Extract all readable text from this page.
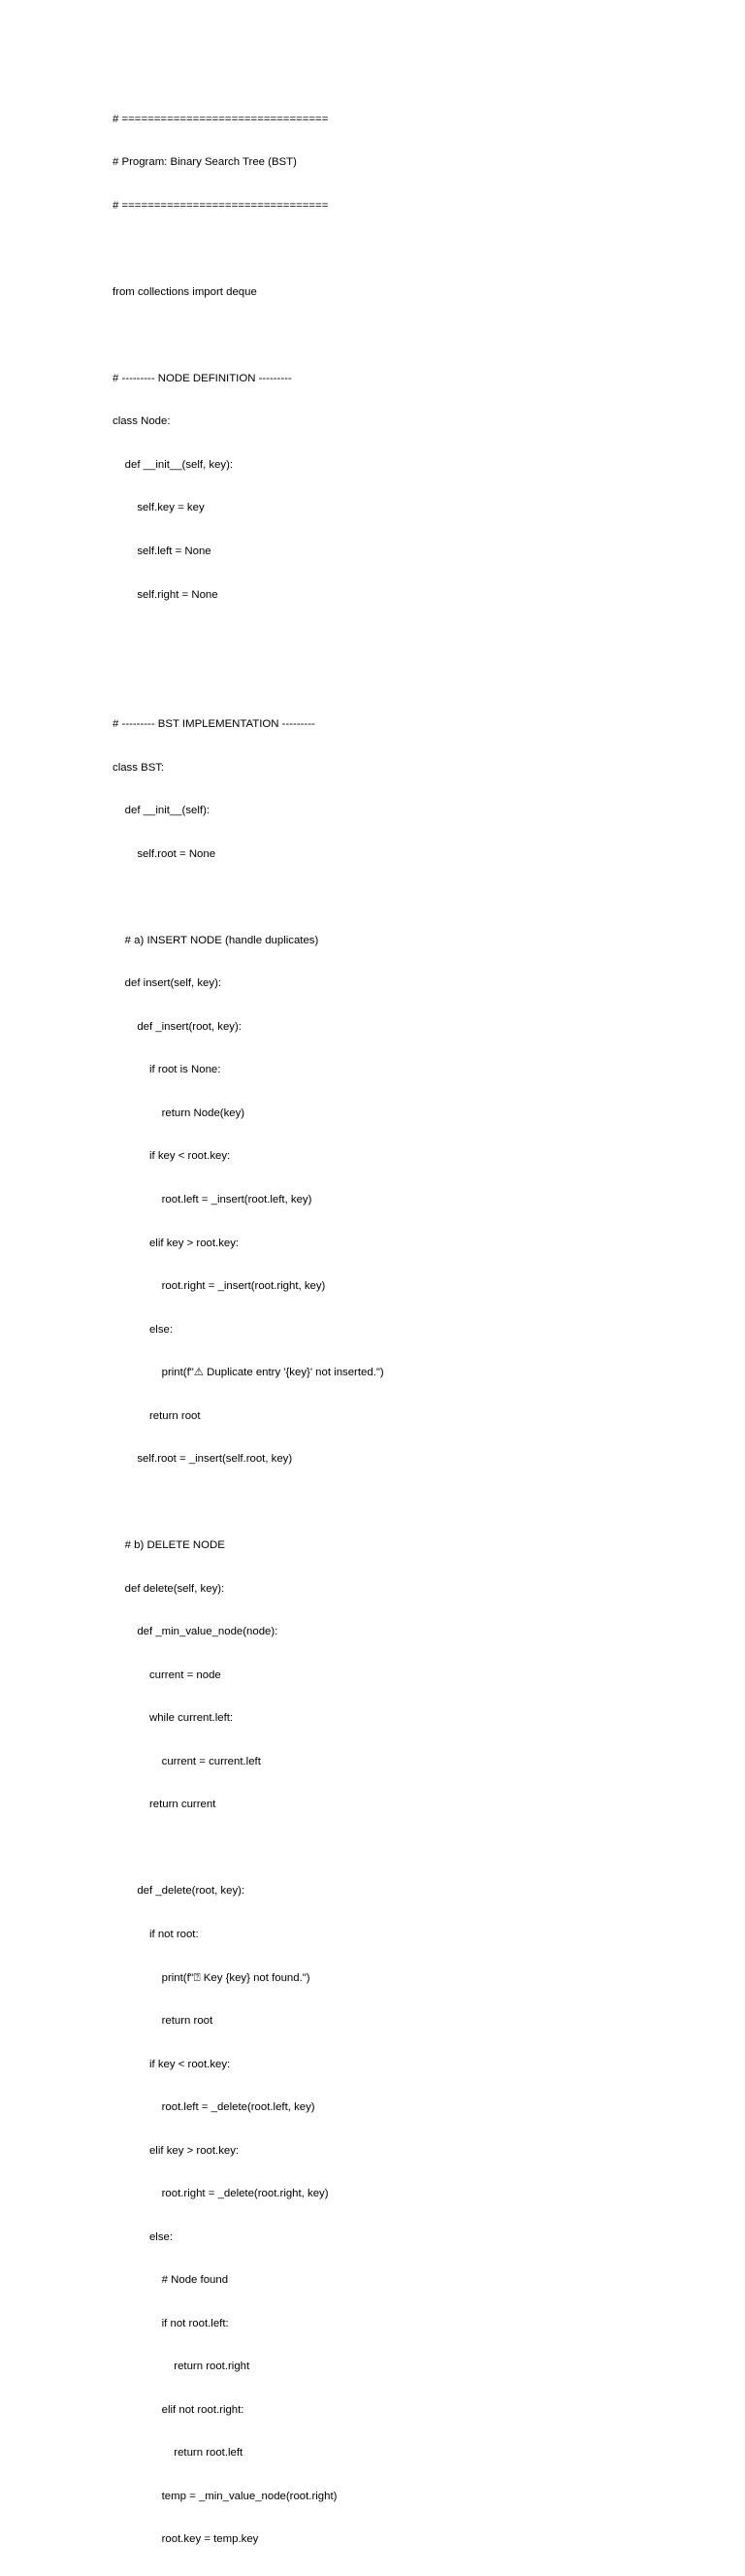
# ================================

# Program: Binary Search Tree (BST)

# ================================

from collections import deque

# --------- NODE DEFINITION ---------

class Node:

def __init__(self, key):

self.key = key

self.left = None

self.right = None

# --------- BST IMPLEMENTATION ---------

class BST:

def __init__(self):

self.root = None

# a) INSERT NODE (handle duplicates)

def insert(self, key):

def _insert(root, key):

if root is None:

return Node(key)

if key < root.key:

root.left = _insert(root.left, key)

elif key > root.key:

root.right = _insert(root.right, key)

else:

print(f"⚠ Duplicate entry '{key}' not inserted.")

return root

self.root = _insert(self.root, key)

# b) DELETE NODE

def delete(self, key):

def _min_value_node(node):

current = node

while current.left:

current = current.left

return current

def _delete(root, key):

if not root:

print(f"⍰ Key {key} not found.")

return root

if key < root.key:

root.left = _delete(root.left, key)

elif key > root.key:

root.right = _delete(root.right, key)

else:

# Node found

if not root.left:

return root.right

elif not root.right:

return root.left

temp = _min_value_node(root.right)

root.key = temp.key
